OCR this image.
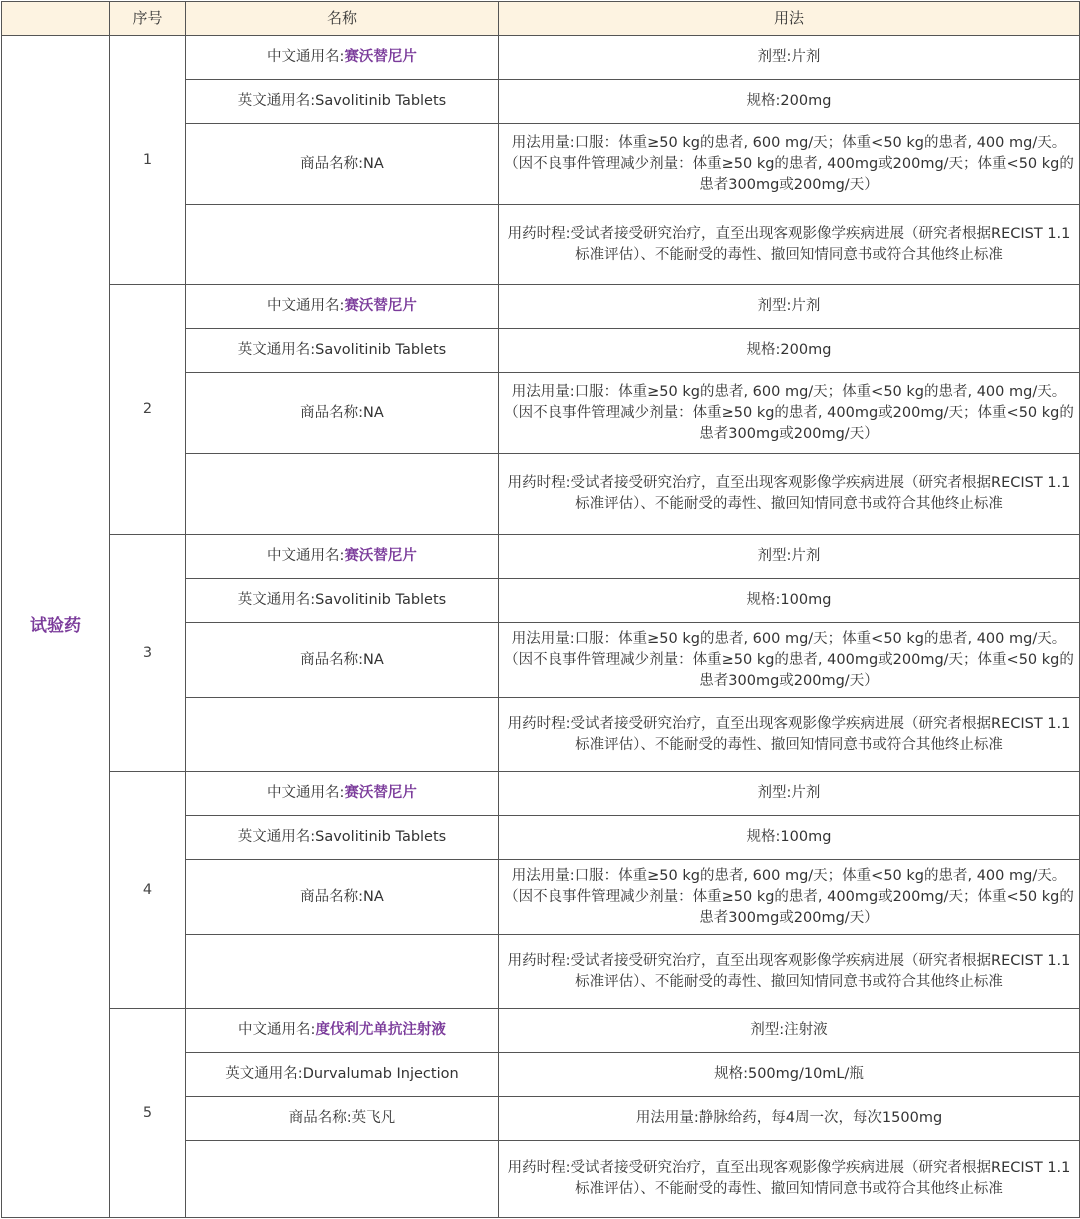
	序号	名称	用法
试验药	1	中文通用名:赛沃替尼片	剂型:片剂
		英文通用名:Savolitinib Tablets	规格:200mg
		商品名称:NA	用法用量:口服：体重≥50 kg的患者, 600 mg/天；体重<50 kg的患者, 400 mg/天。（因不良事件管理减少剂量：体重≥50 kg的患者, 400mg或200mg/天；体重<50 kg的患者300mg或200mg/天）
			用药时程:受试者接受研究治疗，直至出现客观影像学疾病进展（研究者根据RECIST 1.1标准评估）、不能耐受的毒性、撤回知情同意书或符合其他终止标准
	2	中文通用名:赛沃替尼片	剂型:片剂
		英文通用名:Savolitinib Tablets	规格:200mg
		商品名称:NA	用法用量:口服：体重≥50 kg的患者, 600 mg/天；体重<50 kg的患者, 400 mg/天。（因不良事件管理减少剂量：体重≥50 kg的患者, 400mg或200mg/天；体重<50 kg的患者300mg或200mg/天）
			用药时程:受试者接受研究治疗，直至出现客观影像学疾病进展（研究者根据RECIST 1.1标准评估）、不能耐受的毒性、撤回知情同意书或符合其他终止标准
	3	中文通用名:赛沃替尼片	剂型:片剂
		英文通用名:Savolitinib Tablets	规格:100mg
		商品名称:NA	用法用量:口服：体重≥50 kg的患者, 600 mg/天；体重<50 kg的患者, 400 mg/天。（因不良事件管理减少剂量：体重≥50 kg的患者, 400mg或200mg/天；体重<50 kg的患者300mg或200mg/天）
			用药时程:受试者接受研究治疗，直至出现客观影像学疾病进展（研究者根据RECIST 1.1标准评估）、不能耐受的毒性、撤回知情同意书或符合其他终止标准
	4	中文通用名:赛沃替尼片	剂型:片剂
		英文通用名:Savolitinib Tablets	规格:100mg
		商品名称:NA	用法用量:口服：体重≥50 kg的患者, 600 mg/天；体重<50 kg的患者, 400 mg/天。（因不良事件管理减少剂量：体重≥50 kg的患者, 400mg或200mg/天；体重<50 kg的患者300mg或200mg/天）
			用药时程:受试者接受研究治疗，直至出现客观影像学疾病进展（研究者根据RECIST 1.1标准评估）、不能耐受的毒性、撤回知情同意书或符合其他终止标准
	5	中文通用名:度伐利尤单抗注射液	剂型:注射液
		英文通用名:Durvalumab Injection	规格:500mg/10mL/瓶
		商品名称:英飞凡	用法用量:静脉给药，每4周一次，每次1500mg
			用药时程:受试者接受研究治疗，直至出现客观影像学疾病进展（研究者根据RECIST 1.1标准评估）、不能耐受的毒性、撤回知情同意书或符合其他终止标准
